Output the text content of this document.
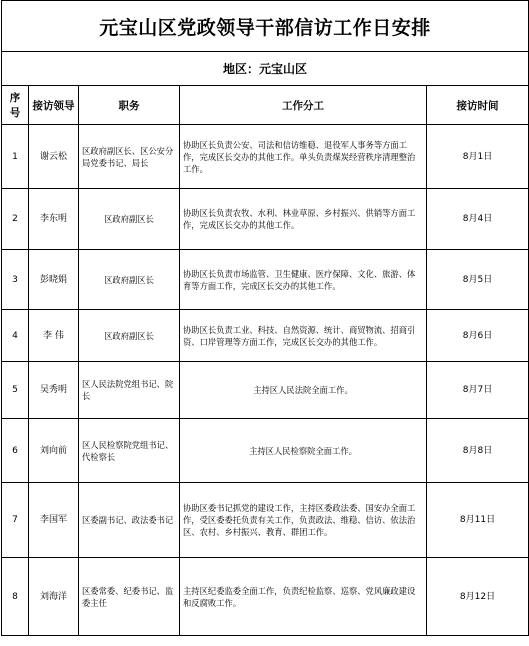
元宝山区党政领导干部信访工作日安排				
地区：元宝山区				
序号	接访领导	职务	工作分工	接访时间
1	谢云松	区政府副区长、区公安分局党委书记、局长	协助区长负责公安、司法和信访维稳、退役军人事务等方面工作，完成区长交办的其他工作。单头负责煤炭经营秩序清理整治工作。	8月1日
2	李东明	区政府副区长	协助区长负责农牧、水利、林业草原、乡村振兴、供销等方面工作，完成区长交办的其他工作。	8月4日
3	彭晓娟	区政府副区长	协助区长负责市场监管、卫生健康、医疗保障、文化、旅游、体育等方面工作，完成区长交办的其他工作。	8月5日
4	李 伟	区政府副区长	协助区长负责工业、科技、自然资源、统计、商贸物流、招商引资、口岸管理等方面工作，完成区长交办的其他工作。	8月6日
5	吴秀明	区人民法院党组书记、院长	主持区人民法院全面工作。	8月7日
6	刘向前	区人民检察院党组书记、代检察长	主持区人民检察院全面工作。	8月8日
7	李国军	区委副书记、政法委书记	协助区委书记抓党的建设工作，主持区委政法委、国安办全面工作，受区委委托负责有关工作，负责政法、维稳、信访、依法治区、农村、乡村振兴、教育、群团工作。	8月11日
8	刘海洋	区委常委、纪委书记、监委主任	主持区纪委监委全面工作，负责纪检监察、巡察、党风廉政建设和反腐败工作。	8月12日
